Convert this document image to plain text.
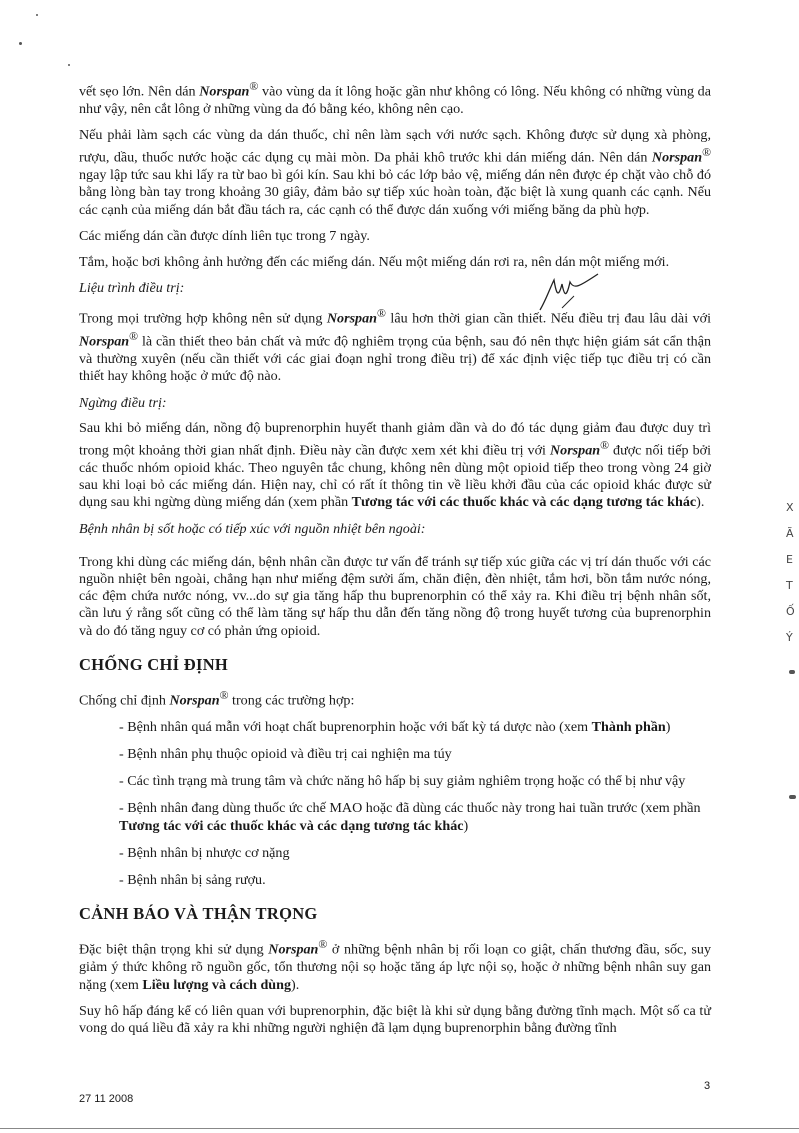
vết sẹo lớn. Nên dán Norspan® vào vùng da ít lông hoặc gần như không có lông. Nếu không có những vùng da như vậy, nên cắt lông ở những vùng da đó bằng kéo, không nên cạo.

Nếu phải làm sạch các vùng da dán thuốc, chỉ nên làm sạch với nước sạch. Không được sử dụng xà phòng, rượu, dầu, thuốc nước hoặc các dụng cụ mài mòn. Da phải khô trước khi dán miếng dán. Nên dán Norspan® ngay lập tức sau khi lấy ra từ bao bì gói kín. Sau khi bỏ các lớp bảo vệ, miếng dán nên được ép chặt vào chỗ đó bằng lòng bàn tay trong khoảng 30 giây, đảm bảo sự tiếp xúc hoàn toàn, đặc biệt là xung quanh các cạnh. Nếu các cạnh của miếng dán bắt đầu tách ra, các cạnh có thể được dán xuống với miếng băng da phù hợp.

Các miếng dán cần được dính liên tục trong 7 ngày.

Tắm, hoặc bơi không ảnh hưởng đến các miếng dán. Nếu một miếng dán rơi ra, nên dán một miếng mới.

Liệu trình điều trị:

Trong mọi trường hợp không nên sử dụng Norspan® lâu hơn thời gian cần thiết. Nếu điều trị đau lâu dài với Norspan® là cần thiết theo bản chất và mức độ nghiêm trọng của bệnh, sau đó nên thực hiện giám sát cẩn thận và thường xuyên (nếu cần thiết với các giai đoạn nghỉ trong điều trị) để xác định việc tiếp tục điều trị có cần thiết hay không hoặc ở mức độ nào.

Ngừng điều trị:

Sau khi bỏ miếng dán, nồng độ buprenorphin huyết thanh giảm dần và do đó tác dụng giảm đau được duy trì trong một khoảng thời gian nhất định. Điều này cần được xem xét khi điều trị với Norspan® được nối tiếp bởi các thuốc nhóm opioid khác. Theo nguyên tắc chung, không nên dùng một opioid tiếp theo trong vòng 24 giờ sau khi loại bỏ các miếng dán. Hiện nay, chỉ có rất ít thông tin về liều khởi đầu của các opioid khác được sử dụng sau khi ngừng dùng miếng dán (xem phần Tương tác với các thuốc khác và các dạng tương tác khác).

Bệnh nhân bị sốt hoặc có tiếp xúc với nguồn nhiệt bên ngoài:

Trong khi dùng các miếng dán, bệnh nhân cần được tư vấn để tránh sự tiếp xúc giữa các vị trí dán thuốc với các nguồn nhiệt bên ngoài, chẳng hạn như miếng đệm sưởi ấm, chăn điện, đèn nhiệt, tắm hơi, bồn tắm nước nóng, các đệm chứa nước nóng, vv...do sự gia tăng hấp thu buprenorphin có thể xảy ra. Khi điều trị bệnh nhân sốt, cần lưu ý rằng sốt cũng có thể làm tăng sự hấp thu dẫn đến tăng nồng độ trong huyết tương của buprenorphin và do đó tăng nguy cơ có phản ứng opioid.

CHỐNG CHỈ ĐỊNH

Chống chỉ định Norspan® trong các trường hợp:

- Bệnh nhân quá mẫn với hoạt chất buprenorphin hoặc với bất kỳ tá dược nào (xem Thành phần)
- Bệnh nhân phụ thuộc opioid và điều trị cai nghiện ma túy
- Các tình trạng mà trung tâm và chức năng hô hấp bị suy giảm nghiêm trọng hoặc có thể bị như vậy
- Bệnh nhân đang dùng thuốc ức chế MAO hoặc đã dùng các thuốc này trong hai tuần trước (xem phần Tương tác với các thuốc khác và các dạng tương tác khác)
- Bệnh nhân bị nhược cơ nặng
- Bệnh nhân bị sảng rượu.
CẢNH BÁO VÀ THẬN TRỌNG

Đặc biệt thận trọng khi sử dụng Norspan® ở những bệnh nhân bị rối loạn co giật, chấn thương đầu, sốc, suy giảm ý thức không rõ nguồn gốc, tổn thương nội sọ hoặc tăng áp lực nội sọ, hoặc ở những bệnh nhân suy gan nặng (xem Liều lượng và cách dùng).

Suy hô hấp đáng kể có liên quan với buprenorphin, đặc biệt là khi sử dụng bằng đường tĩnh mạch. Một số ca tử vong do quá liều đã xảy ra khi những người nghiện đã lạm dụng buprenorphin bằng đường tĩnh

X
Ã
Ε
Τ
Ố
Ý
27 11 2008
3
